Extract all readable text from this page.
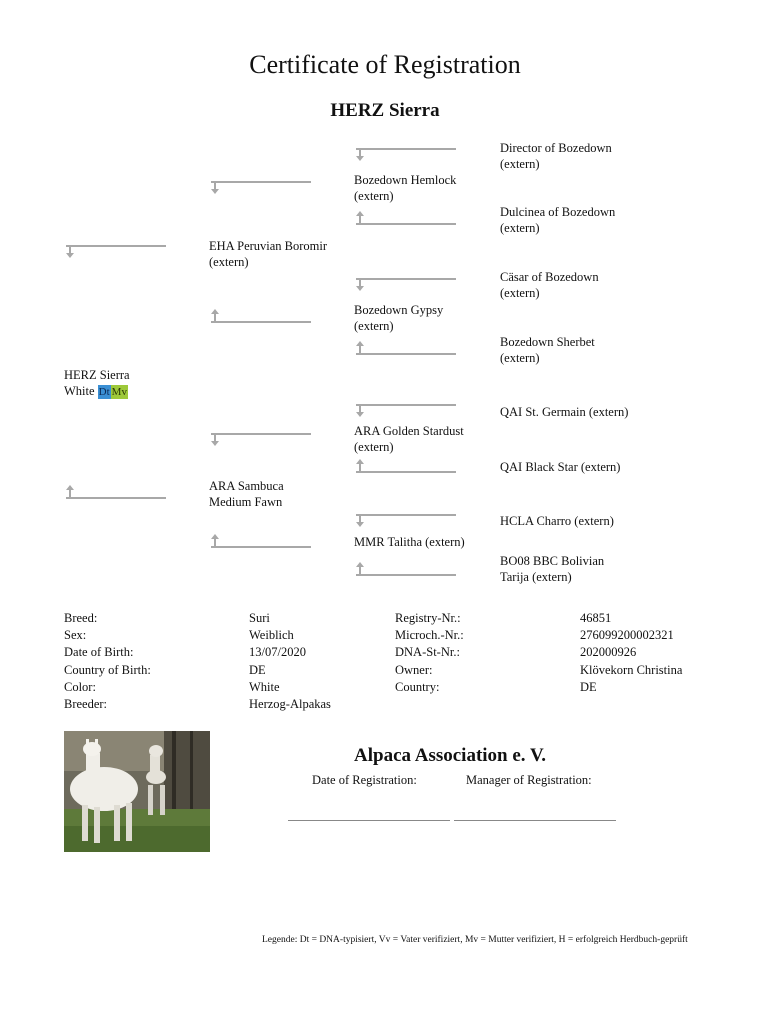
Certificate of Registration
HERZ Sierra
HERZ Sierra
White Dt Mv
EHA Peruvian Boromir
(extern)
ARA Sambuca
Medium Fawn
Bozedown Hemlock
(extern)
Bozedown Gypsy
(extern)
ARA Golden Stardust
(extern)
MMR Talitha (extern)
Director of Bozedown
(extern)
Dulcinea of Bozedown
(extern)
Cäsar of Bozedown
(extern)
Bozedown Sherbet
(extern)
QAI St. Germain (extern)
QAI Black Star (extern)
HCLA Charro (extern)
BO08 BBC Bolivian
Tarija (extern)
Breed:
Sex:
Date of Birth:
Country of Birth:
Color:
Breeder:
Suri
Weiblich
13/07/2020
DE
White
Herzog-Alpakas
Registry-Nr.:
Microch.-Nr.:
DNA-St-Nr.:
Owner:
Country:
46851
276099200002321
202000926
Klövekorn Christina
DE
Alpaca Association e. V.
Date of Registration:	Manager of Registration:
Legende: Dt = DNA-typisiert, Vv = Vater verifiziert, Mv = Mutter verifiziert, H = erfolgreich Herdbuch-geprüft
